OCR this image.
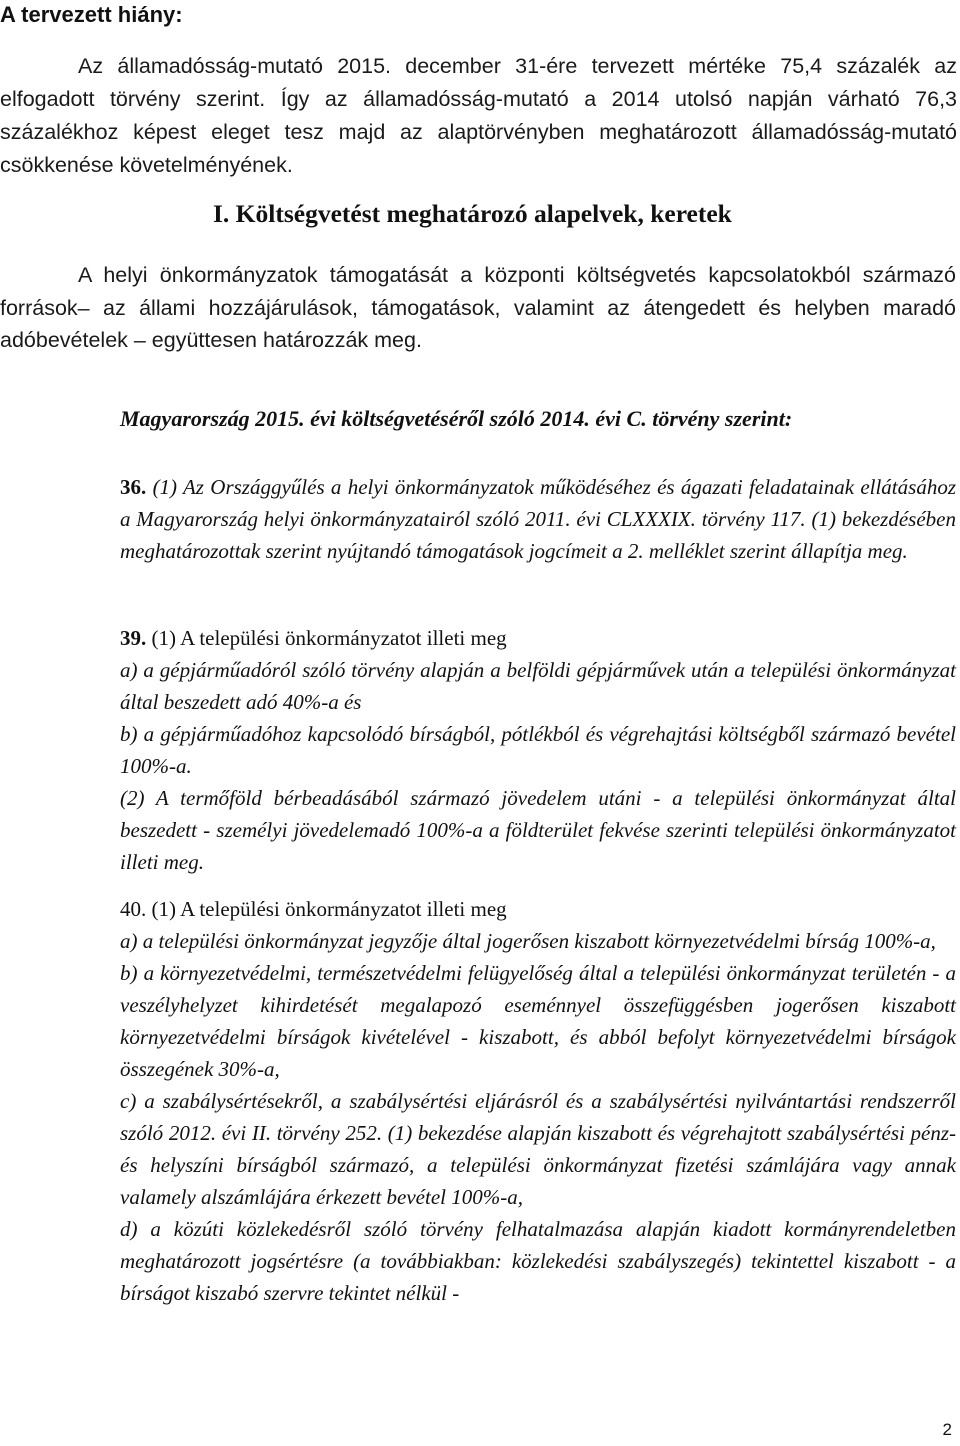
A tervezett hiány:

Az államadósság-mutató 2015. december 31-ére tervezett mértéke 75,4 százalék az elfogadott törvény szerint. Így az államadósság-mutató a 2014 utolsó napján várható 76,3 százalékhoz képest eleget tesz majd az alaptörvényben meghatározott államadósság-mutató csökkenése követelményének.

I. Költségvetést meghatározó alapelvek, keretek

A helyi önkormányzatok támogatását a központi költségvetés kapcsolatokból származó források– az állami hozzájárulások, támogatások, valamint az átengedett és helyben maradó adóbevételek – együttesen határozzák meg.

Magyarország 2015. évi költségvetéséről szóló 2014. évi C. törvény szerint:
36. (1) Az Országgyűlés a helyi önkormányzatok működéséhez és ágazati feladatainak ellátásához a Magyarország helyi önkormányzatairól szóló 2011. évi CLXXXIX. törvény 117. (1) bekezdésében meghatározottak szerint nyújtandó támogatások jogcímeit a 2. melléklet szerint állapítja meg.
39. (1) A települési önkormányzatot illeti meg
a) a gépjárműadóról szóló törvény alapján a belföldi gépjárművek után a települési önkormányzat által beszedett adó 40%-a és
b) a gépjárműadóhoz kapcsolódó bírságból, pótlékból és végrehajtási költségből származó bevétel 100%-a.
(2) A termőföld bérbeadásából származó jövedelem utáni - a települési önkormányzat által beszedett - személyi jövedelemadó 100%-a a földterület fekvése szerinti települési önkormányzatot illeti meg.
40. (1) A települési önkormányzatot illeti meg
a) a települési önkormányzat jegyzője által jogerősen kiszabott környezetvédelmi bírság 100%-a,
b) a környezetvédelmi, természetvédelmi felügyelőség által a települési önkormányzat területén - a veszélyhelyzet kihirdetését megalapozó eseménnyel összefüggésben jogerősen kiszabott környezetvédelmi bírságok kivételével - kiszabott, és abból befolyt környezetvédelmi bírságok összegének 30%-a,
c) a szabálysértésekről, a szabálysértési eljárásról és a szabálysértési nyilvántartási rendszerről szóló 2012. évi II. törvény 252. (1) bekezdése alapján kiszabott és végrehajtott szabálysértési pénz- és helyszíni bírságból származó, a települési önkormányzat fizetési számlájára vagy annak valamely alszámlájára érkezett bevétel 100%-a,
d) a közúti közlekedésről szóló törvény felhatalmazása alapján kiadott kormányrendeletben meghatározott jogsértésre (a továbbiakban: közlekedési szabályszegés) tekintettel kiszabott - a bírságot kiszabó szervre tekintet nélkül -
2
